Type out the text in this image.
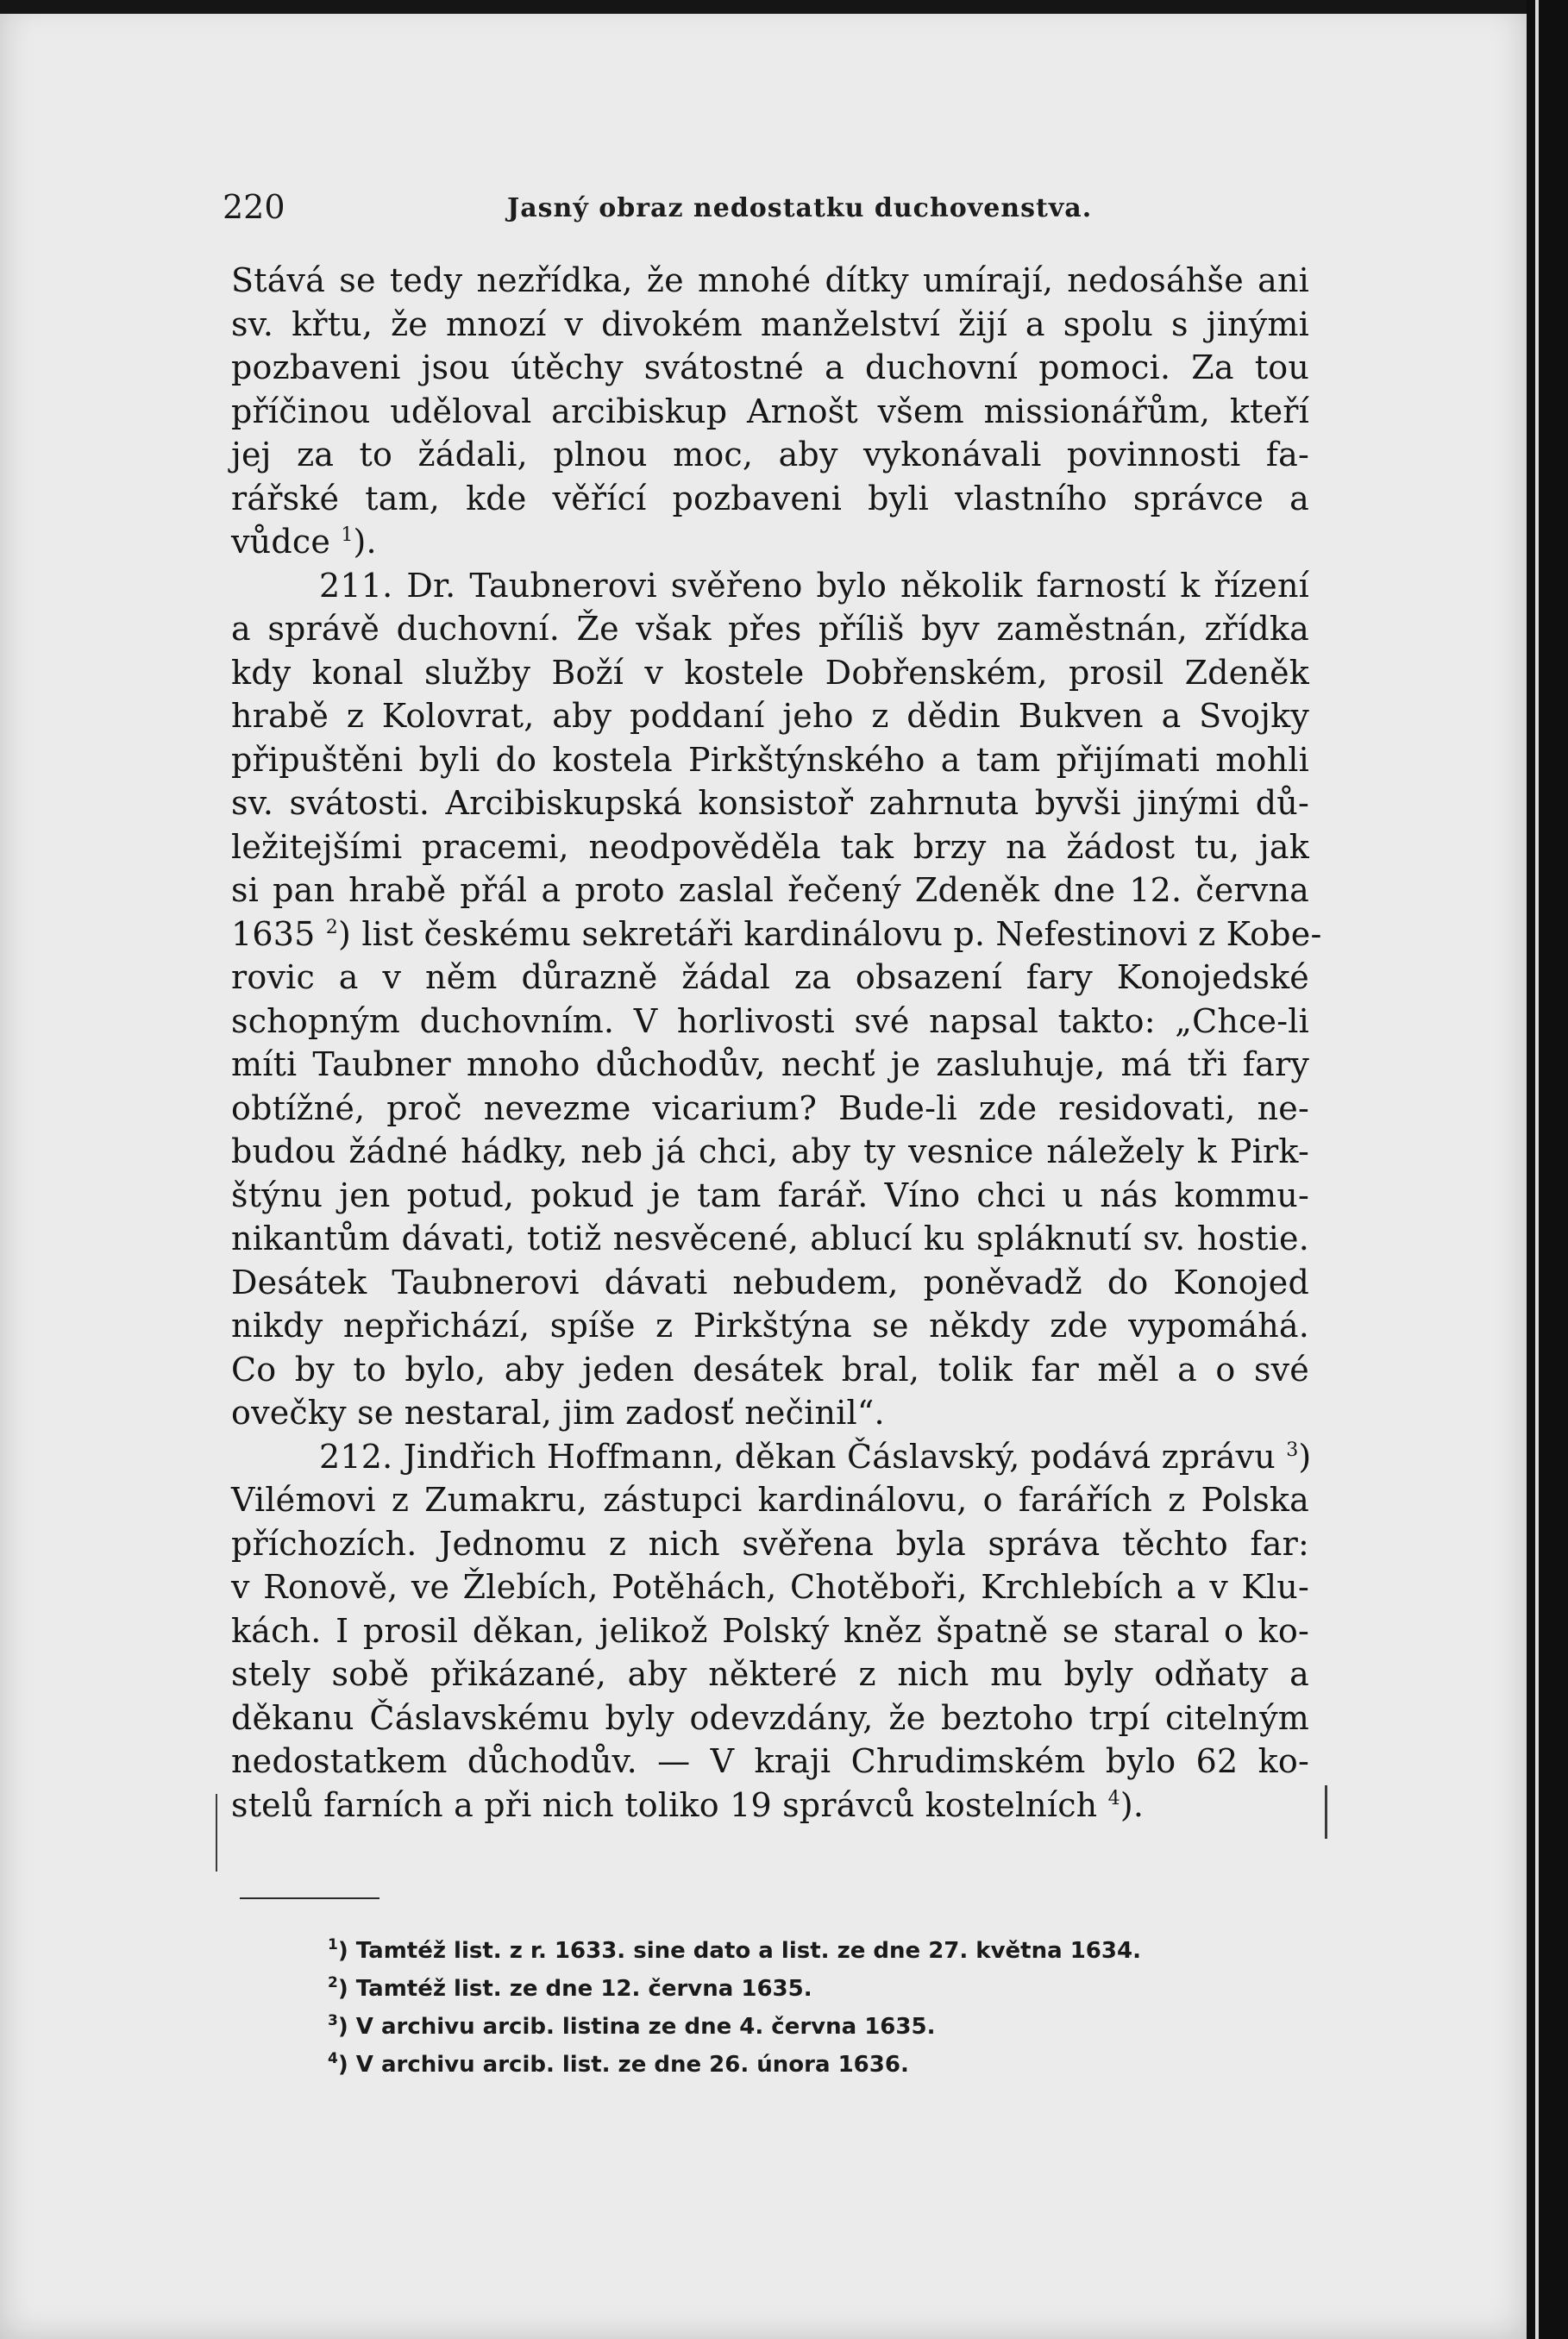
220	Jasný obraz nedostatku duchovenstva.
Stává se tedy nezřídka, že mnohé dítky umírají, nedosáhše ani
sv. křtu, že mnozí v divokém manželství žijí a spolu s jinými
pozbaveni jsou útěchy svátostné a duchovní pomoci. Za tou
příčinou uděloval arcibiskup Arnošt všem missionářům, kteří
jej za to žádali, plnou moc, aby vykonávali povinnosti fa-
rářské tam, kde věřící pozbaveni byli vlastního správce a
vůdce $^1$).
211. Dr. Taubnerovi svěřeno bylo několik farností k řízení
a správě duchovní. Že však přes příliš byv zaměstnán, zřídka
kdy konal služby Boží v kostele Dobřenském, prosil Zdeněk
hrabě z Kolovrat, aby poddaní jeho z dědin Bukven a Svojky
připuštěni byli do kostela Pirkštýnského a tam přijímati mohli
sv. svátosti. Arcibiskupská konsistoř zahrnuta byvši jinými dů-
ležitejšími pracemi, neodpověděla tak brzy na žádost tu, jak
si pan hrabě přál a proto zaslal řečený Zdeněk dne 12. června
1635 $^2$) list českému sekretáři kardinálovu p. Nefestinovi z Kobe-
rovic a v něm důrazně žádal za obsazení fary Konojedské
schopným duchovním. V horlivosti své napsal takto: „Chce-li
míti Taubner mnoho důchodův, nechť je zasluhuje, má tři fary
obtížné, proč nevezme vicarium? Bude-li zde residovati, ne-
budou žádné hádky, neb já chci, aby ty vesnice náležely k Pirk-
štýnu jen potud, pokud je tam farář. Víno chci u nás kommu-
nikantům dávati, totiž nesvěcené, ablucí ku spláknutí sv. hostie.
Desátek Taubnerovi dávati nebudem, poněvadž do Konojed
nikdy nepřichází, spíše z Pirkštýna se někdy zde vypomáhá.
Co by to bylo, aby jeden desátek bral, tolik far měl a o své
ovečky se nestaral, jim zadosť nečinil“.
212. Jindřich Hoffmann, děkan Čáslavský, podává zprávu $^3$)
Vilémovi z Zumakru, zástupci kardinálovu, o farářích z Polska
příchozích. Jednomu z nich svěřena byla správa těchto far:
v Ronově, ve Žlebích, Potěhách, Chotěboři, Krchlebích a v Klu-
kách. I prosil děkan, jelikož Polský kněz špatně se staral o ko-
stely sobě přikázané, aby některé z nich mu byly odňaty a
děkanu Čáslavskému byly odevzdány, že beztoho trpí citelným
nedostatkem důchodův. — V kraji Chrudimském bylo 62 ko-
stelů farních a při nich toliko 19 správců kostelních $^4$).
$^1$) Tamtéž list. z r. 1633. sine dato a list. ze dne 27. května 1634.
$^2$) Tamtéž list. ze dne 12. června 1635.
$^3$) V archivu arcib. listina ze dne 4. června 1635.
$^4$) V archivu arcib. list. ze dne 26. února 1636.
